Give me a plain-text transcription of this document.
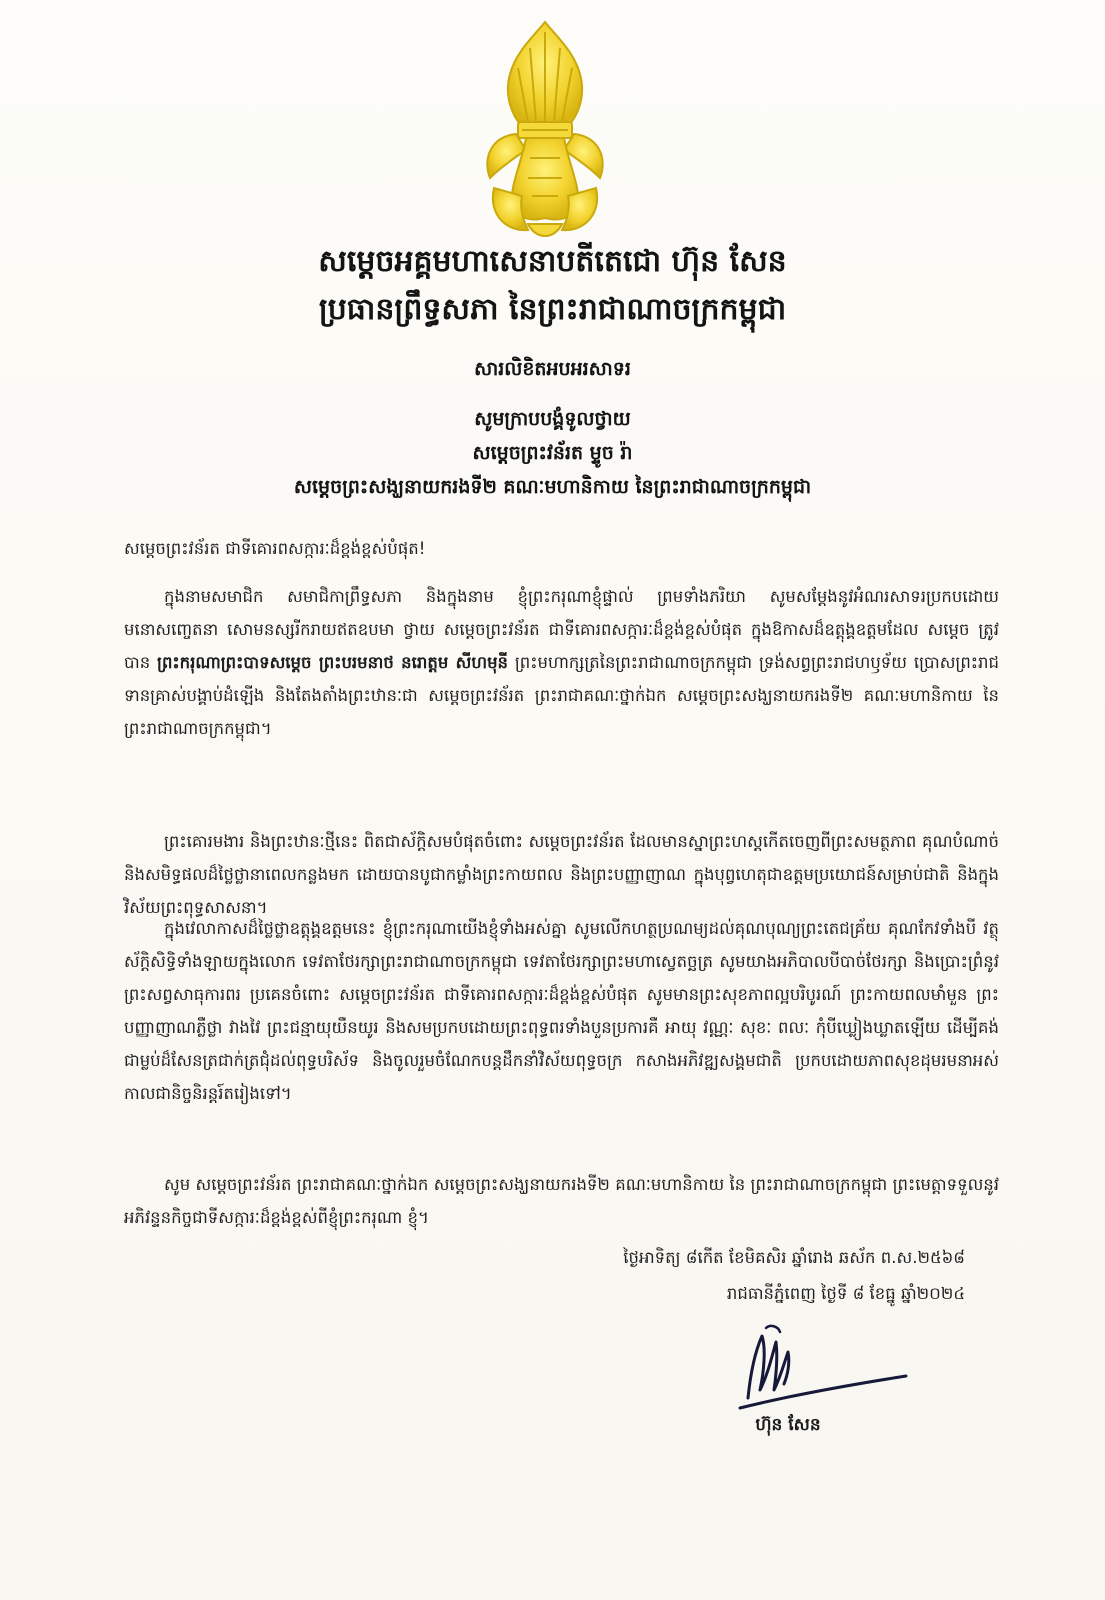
សម្ដេចអគ្គមហាសេនាបតីតេជោ ហ៊ុន សែន
ប្រធានព្រឹទ្ធសភា នៃព្រះរាជាណាចក្រកម្ពុជា
សារលិខិតអបអរសាទរ
សូមក្រាបបង្គំទូលថ្វាយ
សម្ដេចព្រះវន័រត ម្ទូច រ៉ា
សម្ដេចព្រះសង្ឃនាយករងទី២ គណៈមហានិកាយ នៃព្រះរាជាណាចក្រកម្ពុជា
សម្ដេចព្រះវន័រត ជាទីគោរពសក្ការៈដ៏ខ្ពង់ខ្ពស់បំផុត!
ក្នុងនាមសមាជិក សមាជិកាព្រឹទ្ធសភា និងក្នុងនាម ខ្ញុំព្រះករុណាខ្ញុំផ្ទាល់ ព្រមទាំងភរិយា សូមសម្ដែងនូវអំណរសាទរប្រកបដោយមនោសញ្ចេតនា សោមនស្សរីករាយឥតឧបមា ថ្វាយ សម្ដេចព្រះវន័រត ជាទីគោរពសក្ការៈដ៏ខ្ពង់ខ្ពស់បំផុត ក្នុងឱកាសដ៏ឧត្តុង្គឧត្តមដែល សម្ដេច ត្រូវបាន ព្រះករុណាព្រះបាទសម្ដេច ព្រះបរមនាថ នរោត្តម សីហមុនី ព្រះមហាក្សត្រនៃព្រះរាជាណាចក្រកម្ពុជា ទ្រង់សព្វព្រះរាជហឫទ័យ ប្រោសព្រះរាជទានគ្រាស់បង្គាប់ដំឡើង និងតែងតាំងព្រះឋានៈជា សម្ដេចព្រះវន័រត ព្រះរាជាគណៈថ្នាក់ឯក សម្ដេចព្រះសង្ឃនាយករងទី២ គណៈមហានិកាយ នៃព្រះរាជាណាចក្រកម្ពុជា។
ព្រះគោរមងារ និងព្រះឋានៈថ្មីនេះ ពិតជាស័ក្តិសមបំផុតចំពោះ សម្ដេចព្រះវន័រត ដែលមានស្នាព្រះហស្តកើតចេញពីព្រះសមត្ថភាព គុណបំណាច់ និងសមិទ្ធផលដ៏ថ្លៃថ្លានាពេលកន្លងមក ដោយបានបូជាកម្លាំងព្រះកាយពល និងព្រះបញ្ញាញាណ ក្នុងបុព្វហេតុជាឧត្តមប្រយោជន៍សម្រាប់ជាតិ និងក្នុងវិស័យព្រះពុទ្ធសាសនា។
ក្នុងវេលាកាសដ៏ថ្លៃថ្លាឧត្តុង្គឧត្តមនេះ ខ្ញុំព្រះករុណាយើងខ្ញុំទាំងអស់គ្នា សូមលើកហត្ថប្រណម្យដល់គុណបុណ្យព្រះតេជគ្រ័យ គុណកែវទាំងបី វត្ថុស័ក្តិសិទ្ធិទាំងឡាយក្នុងលោក ទេវតាថែរក្សាព្រះរាជាណាចក្រកម្ពុជា ទេវតាថែរក្សាព្រះមហាស្វេតច្ឆត្រ សូមយាងអភិបាលបីបាច់ថែរក្សា និងប្រោះព្រំនូវព្រះសព្វសាធុការពរ ប្រគេនចំពោះ សម្ដេចព្រះវន័រត ជាទីគោរពសក្ការៈដ៏ខ្ពង់ខ្ពស់បំផុត សូមមានព្រះសុខភាពល្អបរិបូរណ៍ ព្រះកាយពលមាំមួន ព្រះបញ្ញាញាណភ្លឺថ្លា វាងវៃ ព្រះជន្មាយុយឺនយូរ និងសមប្រកបដោយព្រះពុទ្ធពរទាំងបួនប្រការគឺ អាយុ វណ្ណៈ សុខៈ ពលៈ កុំបីឃ្លៀងឃ្លាតឡើយ ដើម្បីគង់ជាម្លប់ដ៏សែនត្រជាក់ត្រជុំដល់ពុទ្ធបរិស័ទ និងចូលរួមចំណែកបន្តដឹកនាំវិស័យពុទ្ធចក្រ កសាងអភិវឌ្ឍសង្គមជាតិ ប្រកបដោយភាពសុខដុមរមនាអស់កាលជានិច្ចនិរន្តរ៍តរៀងទៅ។
សូម សម្ដេចព្រះវន័រត ព្រះរាជាគណៈថ្នាក់ឯក សម្ដេចព្រះសង្ឃនាយករងទី២ គណៈមហានិកាយ នៃ ព្រះរាជាណាចក្រកម្ពុជា ព្រះមេត្តាទទួលនូវអភិវន្ទនកិច្ចជាទីសក្ការៈដ៏ខ្ពង់ខ្ពស់ពីខ្ញុំព្រះករុណា ខ្ញុំ។
ថ្ងៃអាទិត្យ ៨កើត ខែមិគសិរ ឆ្នាំរោង ឆស័ក ព.ស.២៥៦៨
រាជធានីភ្នំពេញ ថ្ងៃទី ៨ ខែធ្នូ ឆ្នាំ២០២៤
ហ៊ុន សែន
